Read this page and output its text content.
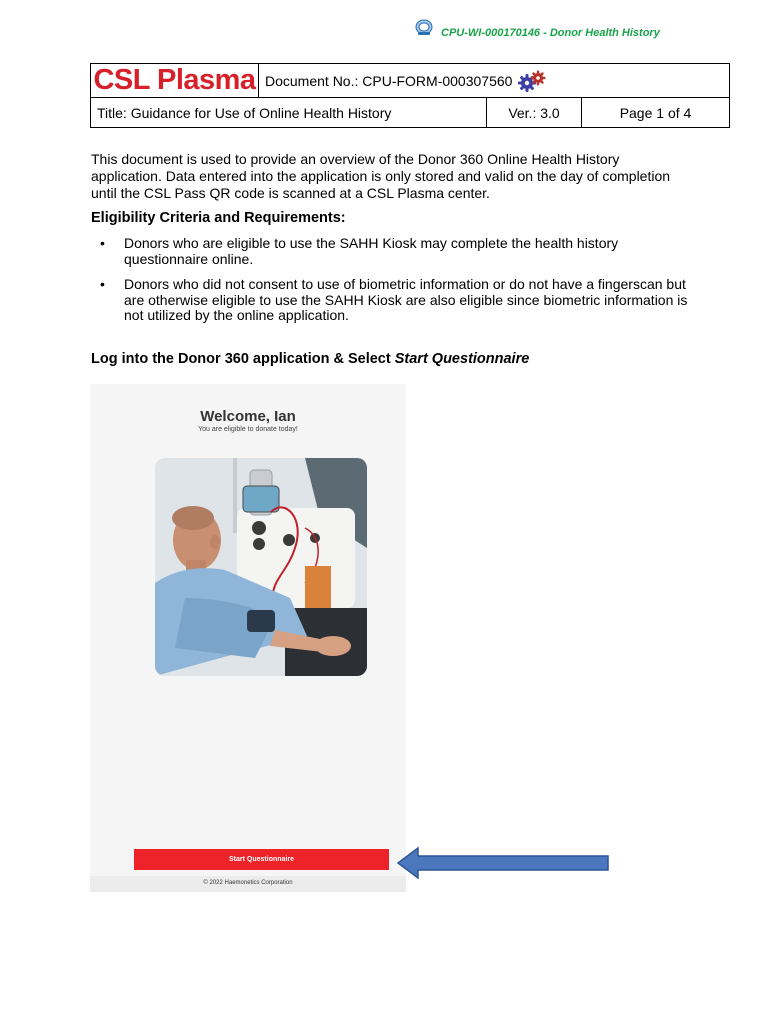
CPU-WI-000170146 - Donor Health History
CSL Plasma Document No.: CPU-FORM-000307560
Title: Guidance for Use of Online Health History	Ver.: 3.0	Page 1 of 4
This document is used to provide an overview of the Donor 360 Online Health History application. Data entered into the application is only stored and valid on the day of completion until the CSL Pass QR code is scanned at a CSL Plasma center.
Eligibility Criteria and Requirements:
• Donors who are eligible to use the SAHH Kiosk may complete the health history questionnaire online.
• Donors who did not consent to use of biometric information or do not have a fingerscan but are otherwise eligible to use the SAHH Kiosk are also eligible since biometric information is not utilized by the online application.
Log into the Donor 360 application & Select Start Questionnaire
Welcome, Ian
You are eligible to donate today!
Start Questionnaire
© 2022 Haemonetics Corporation
